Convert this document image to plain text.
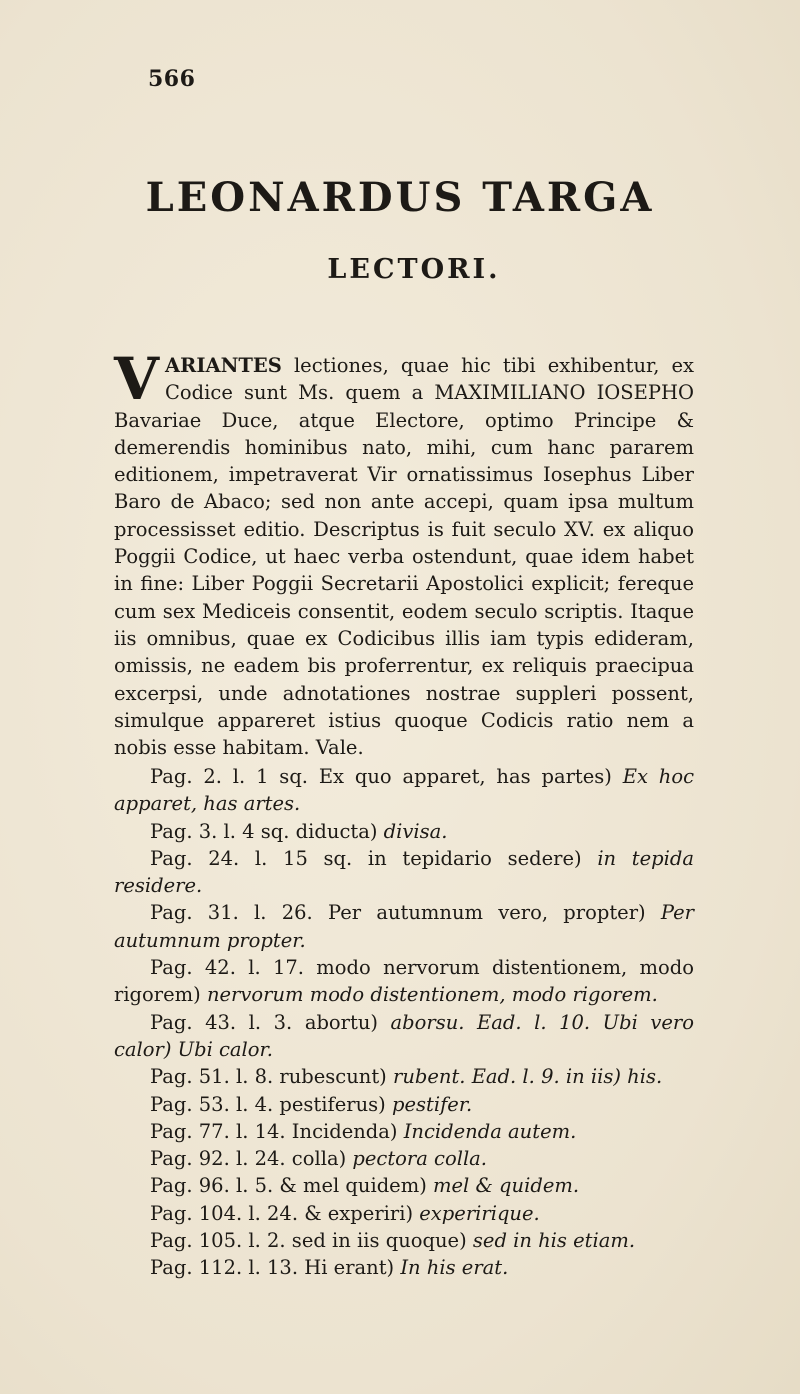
566
LEONARDUS TARGA
LECTORI.

VARIANTES lectiones, quae hic tibi exhibentur, ex Codice sunt Ms. quem a MAXIMILIANO IOSEPHO Bavariae Duce, atque Electore, optimo Principe & demerendis hominibus nato, mihi, cum hanc pararem editionem, impetraverat Vir ornatissimus Iosephus Liber Baro de Abaco; sed non ante accepi, quam ipsa multum processisset editio. Descriptus is fuit seculo XV. ex aliquo Poggii Codice, ut haec verba ostendunt, quae idem habet in fine: Liber Poggii Secretarii Apostolici explicit; fereque cum sex Mediceis consentit, eodem seculo scriptis. Itaque iis omnibus, quae ex Codicibus illis iam typis edideram, omissis, ne eadem bis proferrentur, ex reliquis praecipua excerpsi, unde adnotationes nostrae suppleri possent, simulque appareret istius quoque Codicis ratio nem a nobis esse habitam. Vale.

Pag. 2. l. 1 sq. Ex quo apparet, has partes) Ex hoc apparet, has artes.

Pag. 3. l. 4 sq. diducta) divisa.

Pag. 24. l. 15 sq. in tepidario sedere) in tepida residere.

Pag. 31. l. 26. Per autumnum vero, propter) Per autumnum propter.

Pag. 42. l. 17. modo nervorum distentionem, modo rigorem) nervorum modo distentionem, modo rigorem.

Pag. 43. l. 3. abortu) aborsu. Ead. l. 10. Ubi vero calor) Ubi calor.

Pag. 51. l. 8. rubescunt) rubent. Ead. l. 9. in iis) his.

Pag. 53. l. 4. pestiferus) pestifer.

Pag. 77. l. 14. Incidenda) Incidenda autem.

Pag. 92. l. 24. colla) pectora colla.

Pag. 96. l. 5. & mel quidem) mel & quidem.

Pag. 104. l. 24. & experiri) experirique.

Pag. 105. l. 2. sed in iis quoque) sed in his etiam.

Pag. 112. l. 13. Hi erant) In his erat.
